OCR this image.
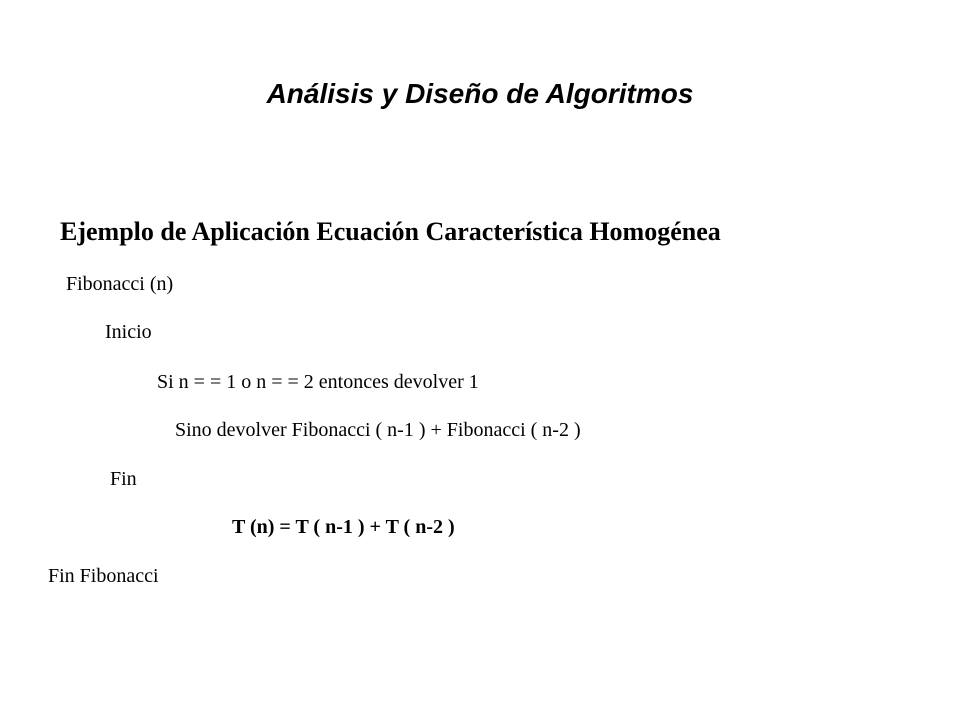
Análisis y Diseño de Algoritmos
Ejemplo de Aplicación Ecuación Característica Homogénea
Fibonacci (n)
Inicio
Si n = = 1 o n = = 2 entonces devolver 1
Sino devolver Fibonacci ( n-1 ) + Fibonacci ( n-2 )
Fin
T (n) = T ( n-1 ) + T ( n-2 )
Fin Fibonacci
